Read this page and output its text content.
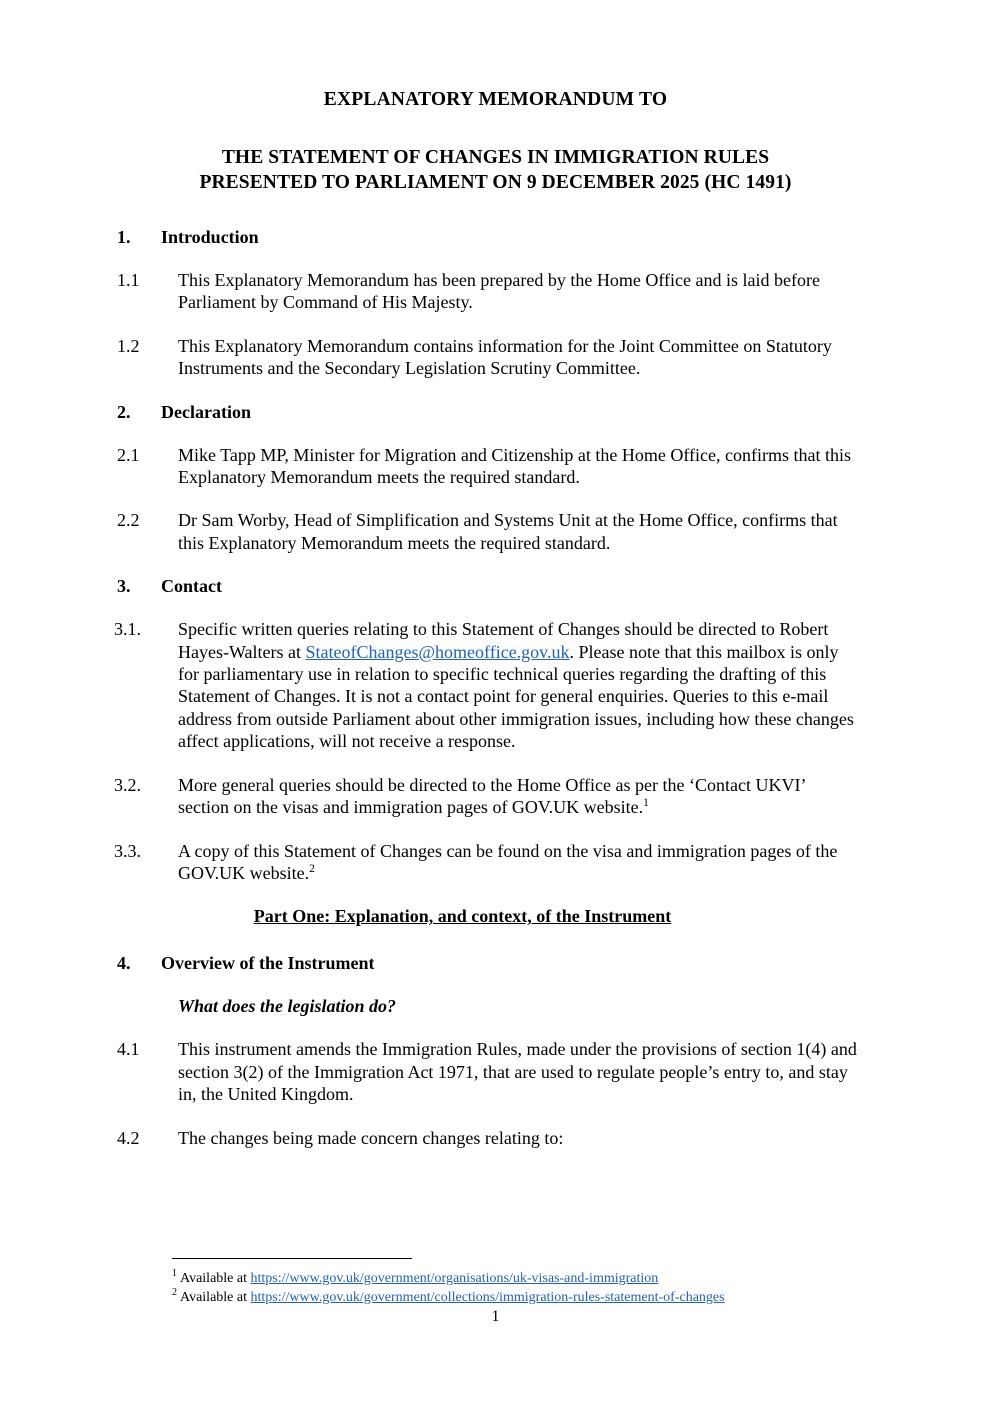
EXPLANATORY MEMORANDUM TO
THE STATEMENT OF CHANGES IN IMMIGRATION RULES
PRESENTED TO PARLIAMENT ON 9 DECEMBER 2025 (HC 1491)
1. Introduction
1.1	This Explanatory Memorandum has been prepared by the Home Office and is laid before Parliament by Command of His Majesty.
1.2	This Explanatory Memorandum contains information for the Joint Committee on Statutory Instruments and the Secondary Legislation Scrutiny Committee.
2. Declaration
2.1	Mike Tapp MP, Minister for Migration and Citizenship at the Home Office, confirms that this Explanatory Memorandum meets the required standard.
2.2	Dr Sam Worby, Head of Simplification and Systems Unit at the Home Office, confirms that this Explanatory Memorandum meets the required standard.
3. Contact
3.1.	Specific written queries relating to this Statement of Changes should be directed to Robert Hayes-Walters at StateofChanges@homeoffice.gov.uk. Please note that this mailbox is only for parliamentary use in relation to specific technical queries regarding the drafting of this Statement of Changes. It is not a contact point for general enquiries. Queries to this e-mail address from outside Parliament about other immigration issues, including how these changes affect applications, will not receive a response.
3.2.	More general queries should be directed to the Home Office as per the ‘Contact UKVI’ section on the visas and immigration pages of GOV.UK website.$^1$
3.3.	A copy of this Statement of Changes can be found on the visa and immigration pages of the GOV.UK website.$^2$
Part One: Explanation, and context, of the Instrument
4. Overview of the Instrument
What does the legislation do?
4.1	This instrument amends the Immigration Rules, made under the provisions of section 1(4) and section 3(2) of the Immigration Act 1971, that are used to regulate people’s entry to, and stay in, the United Kingdom.
4.2	The changes being made concern changes relating to:
$^1$ Available at https://www.gov.uk/government/organisations/uk-visas-and-immigration
$^2$ Available at https://www.gov.uk/government/collections/immigration-rules-statement-of-changes
1
